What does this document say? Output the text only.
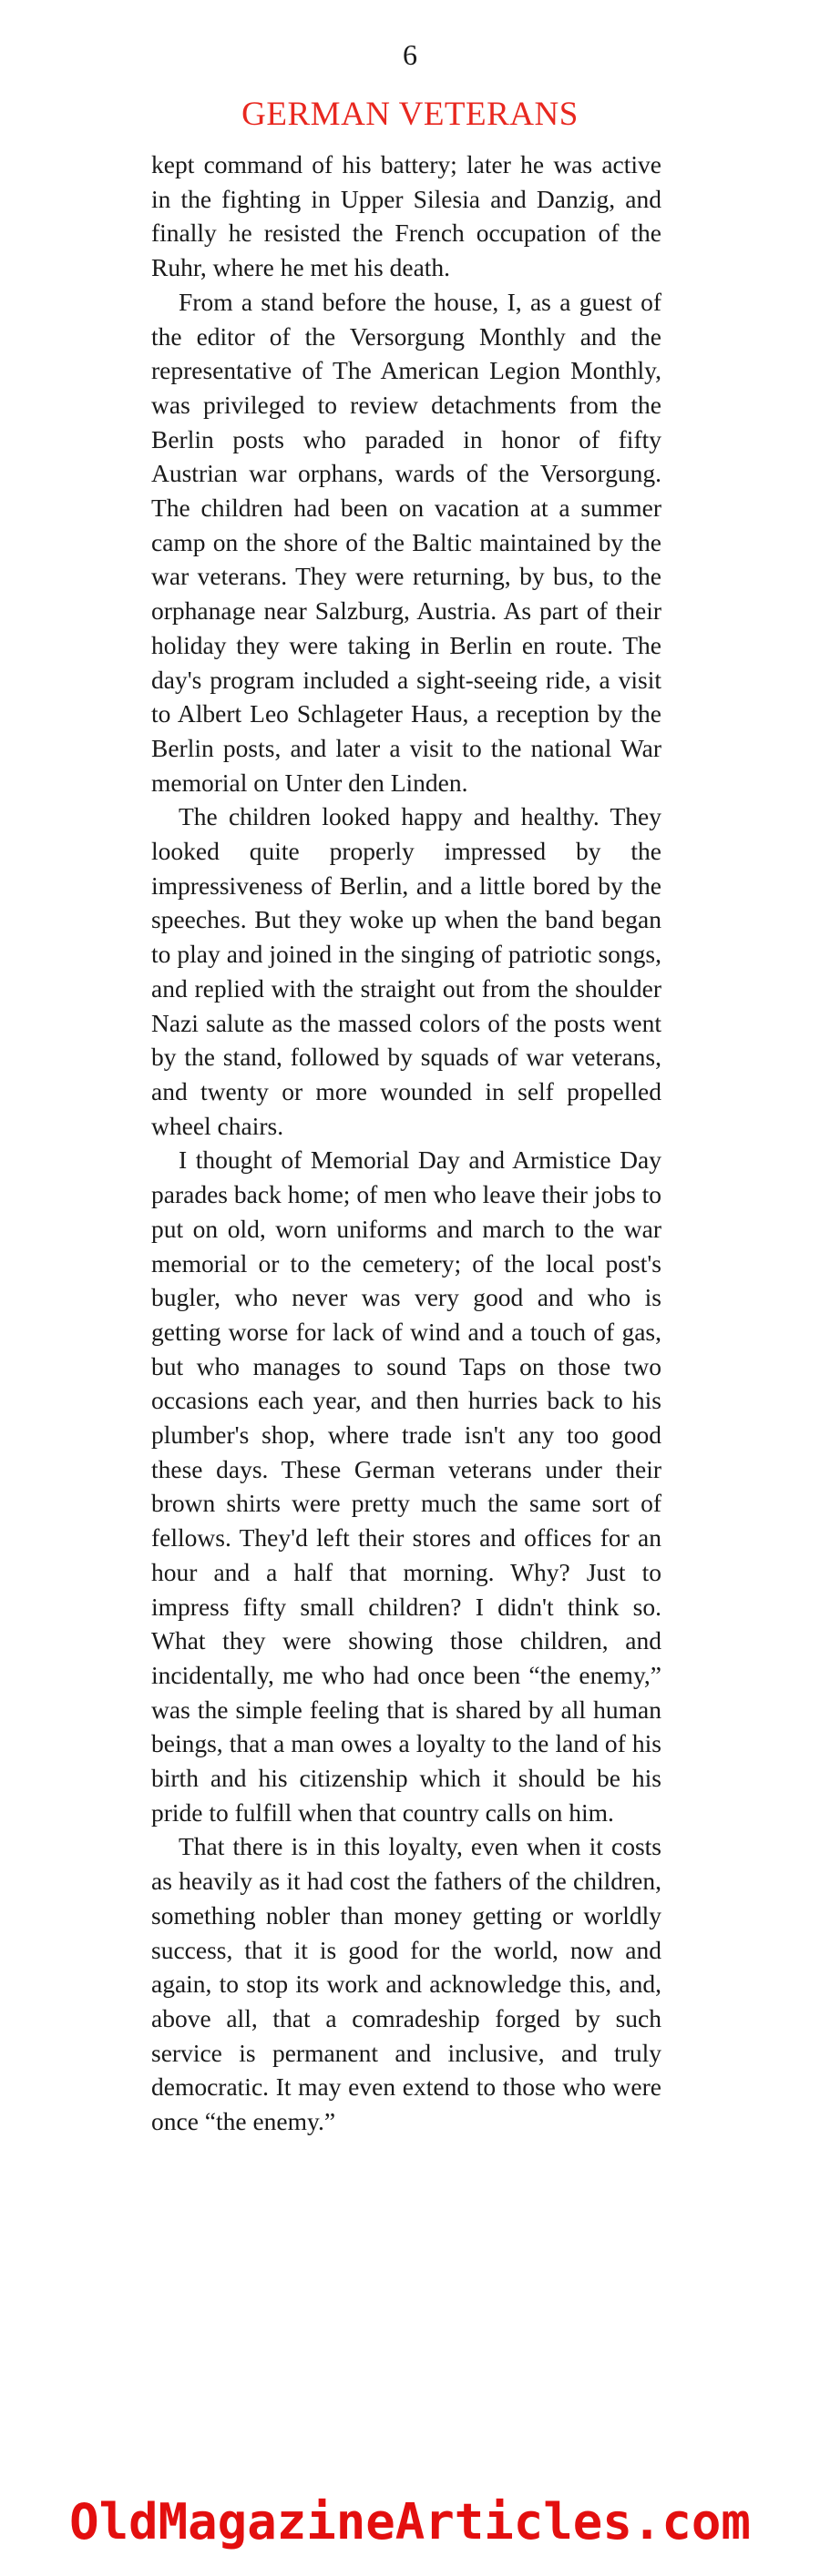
6
GERMAN VETERANS

kept command of his battery; later he was active in the fighting in Upper Silesia and Danzig, and finally he resisted the French occupation of the Ruhr, where he met his death.

From a stand before the house, I, as a guest of the editor of the Versorgung Monthly and the representative of The American Legion Monthly, was privileged to review detachments from the Berlin posts who paraded in honor of fifty Austrian war orphans, wards of the Versorgung. The children had been on vacation at a summer camp on the shore of the Baltic maintained by the war veterans. They were returning, by bus, to the orphanage near Salzburg, Austria. As part of their holiday they were taking in Berlin en route. The day's program included a sight-seeing ride, a visit to Albert Leo Schlageter Haus, a reception by the Berlin posts, and later a visit to the national War memorial on Unter den Linden.

The children looked happy and healthy. They looked quite properly impressed by the impressiveness of Berlin, and a little bored by the speeches. But they woke up when the band began to play and joined in the singing of patriotic songs, and replied with the straight out from the shoulder Nazi salute as the massed colors of the posts went by the stand, followed by squads of war veterans, and twenty or more wounded in self propelled wheel chairs.

I thought of Memorial Day and Armistice Day parades back home; of men who leave their jobs to put on old, worn uniforms and march to the war memorial or to the cemetery; of the local post's bugler, who never was very good and who is getting worse for lack of wind and a touch of gas, but who manages to sound Taps on those two occasions each year, and then hurries back to his plumber's shop, where trade isn't any too good these days. These German veterans under their brown shirts were pretty much the same sort of fellows. They'd left their stores and offices for an hour and a half that morning. Why? Just to impress fifty small children? I didn't think so. What they were showing those children, and incidentally, me who had once been “the enemy,” was the simple feeling that is shared by all human beings, that a man owes a loyalty to the land of his birth and his citizenship which it should be his pride to fulfill when that country calls on him.

That there is in this loyalty, even when it costs as heavily as it had cost the fathers of the children, something nobler than money getting or worldly success, that it is good for the world, now and again, to stop its work and acknowledge this, and, above all, that a comradeship forged by such service is permanent and inclusive, and truly democratic. It may even extend to those who were once “the enemy.”

OldMagazineArticles.com
